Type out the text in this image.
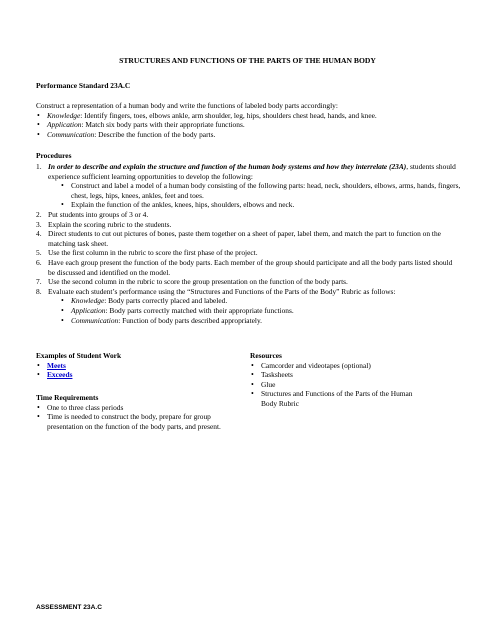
STRUCTURES AND FUNCTIONS OF THE PARTS OF THE HUMAN BODY
Performance Standard 23A.C
Construct a representation of a human body and write the functions of labeled body parts accordingly:
• Knowledge: Identify fingers, toes, elbows ankle, arm shoulder, leg, hips, shoulders chest head, hands, and knee.
• Application: Match six body parts with their appropriate functions.
• Communication: Describe the function of the body parts.
Procedures
1. In order to describe and explain the structure and function of the human body systems and how they interrelate (23A), students should experience sufficient learning opportunities to develop the following:
• Construct and label a model of a human body consisting of the following parts: head, neck, shoulders, elbows, arms, hands, fingers, chest, legs, hips, knees, ankles, feet and toes.
• Explain the function of the ankles, knees, hips, shoulders, elbows and neck.
2. Put students into groups of 3 or 4.
3. Explain the scoring rubric to the students.
4. Direct students to cut out pictures of bones, paste them together on a sheet of paper, label them, and match the part to function on the matching task sheet.
5. Use the first column in the rubric to score the first phase of the project.
6. Have each group present the function of the body parts. Each member of the group should participate and all the body parts listed should be discussed and identified on the model.
7. Use the second column in the rubric to score the group presentation on the function of the body parts.
8. Evaluate each student’s performance using the “Structures and Functions of the Parts of the Body” Rubric as follows:
• Knowledge: Body parts correctly placed and labeled.
• Application: Body parts correctly matched with their appropriate functions.
• Communication: Function of body parts described appropriately.
Examples of Student Work
• Meets
• Exceeds
Time Requirements
• One to three class periods
• Time is needed to construct the body, prepare for group presentation on the function of the body parts, and present.
Resources
• Camcorder and videotapes (optional)
• Tasksheets
• Glue
• Structures and Functions of the Parts of the Human Body Rubric
ASSESSMENT 23A.C
